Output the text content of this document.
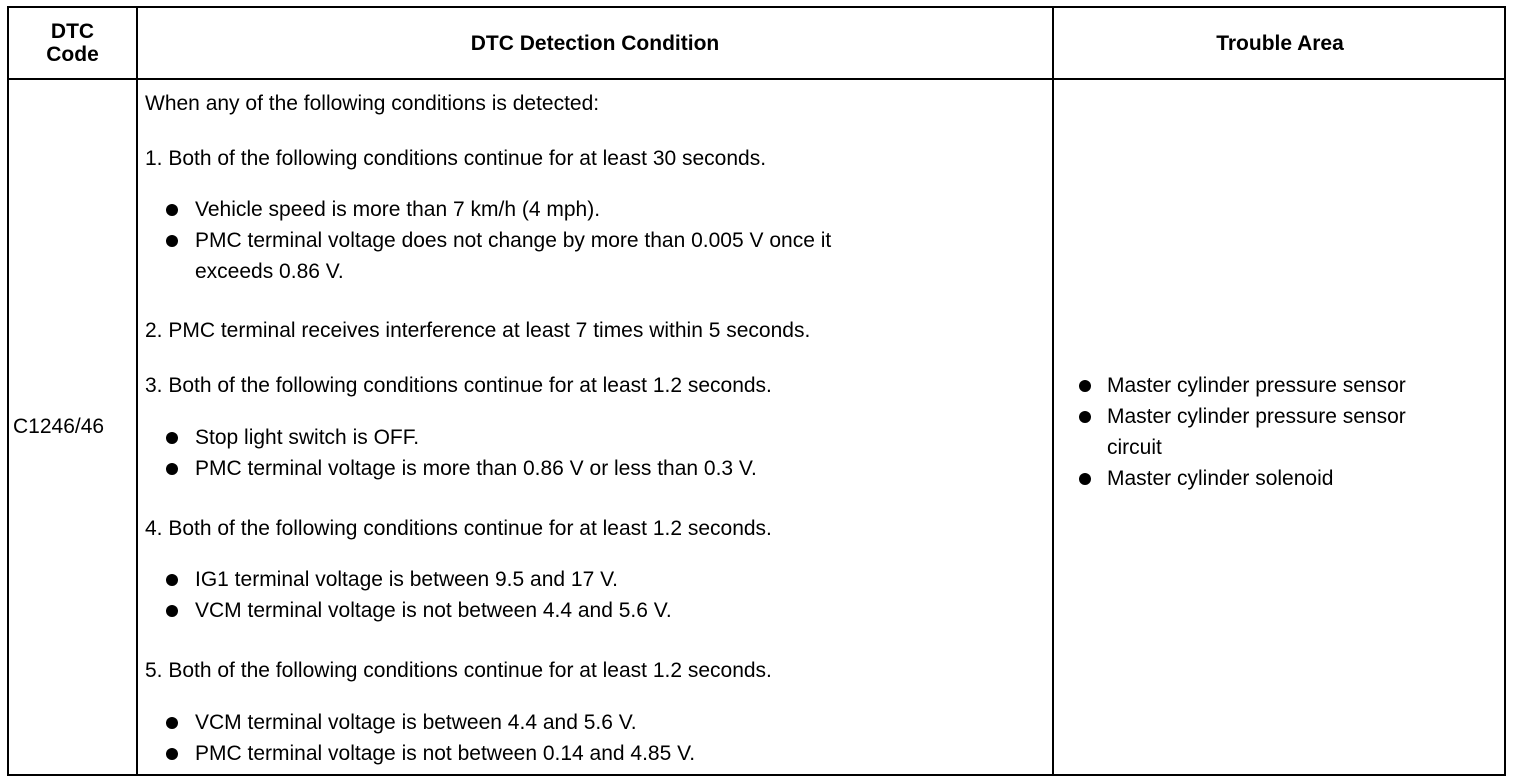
DTC
Code	DTC Detection Condition	Trouble Area
C1246/46
When any of the following conditions is detected:
1. Both of the following conditions continue for at least 30 seconds.
Vehicle speed is more than 7 km/h (4 mph).
PMC terminal voltage does not change by more than 0.005 V once it
exceeds 0.86 V.
2. PMC terminal receives interference at least 7 times within 5 seconds.
3. Both of the following conditions continue for at least 1.2 seconds.
Stop light switch is OFF.
PMC terminal voltage is more than 0.86 V or less than 0.3 V.
4. Both of the following conditions continue for at least 1.2 seconds.
IG1 terminal voltage is between 9.5 and 17 V.
VCM terminal voltage is not between 4.4 and 5.6 V.
5. Both of the following conditions continue for at least 1.2 seconds.
VCM terminal voltage is between 4.4 and 5.6 V.
PMC terminal voltage is not between 0.14 and 4.85 V.
Master cylinder pressure sensor
Master cylinder pressure sensor
circuit
Master cylinder solenoid
